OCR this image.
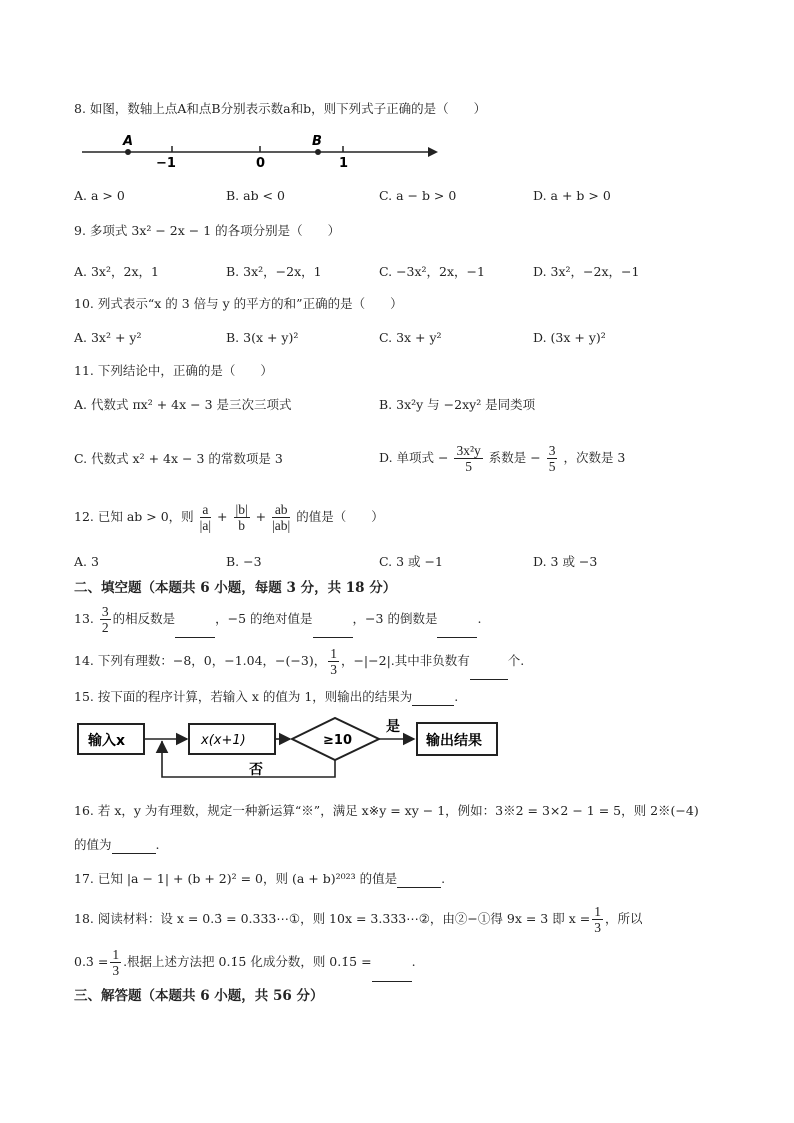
8. 如图，数轴上点A和点B分别表示数a和b，则下列式子正确的是（　　）
A	B
−1	0	1
A. a > 0	B. ab < 0	C. a − b > 0	D. a + b > 0
9. 多项式 3x² − 2x − 1 的各项分别是（　　）
A. 3x²，2x，1	B. 3x²，−2x，1	C. −3x²，2x，−1	D. 3x²，−2x，−1
10. 列式表示“x 的 3 倍与 y 的平方的和”正确的是（　　）
A. 3x² + y²	B. 3(x + y)²	C. 3x + y²	D. (3x + y)²
11. 下列结论中，正确的是（　　）
A. 代数式 πx² + 4x − 3 是三次三项式	B. 3x²y 与 −2xy² 是同类项
C. 代数式 x² + 4x − 3 的常数项是 3	D. 单项式 − $\frac{\text{3x²y}}{5}$ 系数是 − $\frac{3}{5}$ ，次数是 3
12. 已知 ab > 0，则 $\frac{a}{|a|} + \frac{|b|}{b} + \frac{ab}{|ab|}$ 的值是（　　）
A. 3	B. −3	C. 3 或 −1	D. 3 或 −3
二、填空题（本题共 6 小题，每题 3 分，共 18 分）
13. $\frac{3}{2}$ 的相反数是	，−5 的绝对值是	，−3 的倒数是	.
14. 下列有理数：−8，0，−1.04，−(−3)， $\frac{1}{3}$ ，−|−2|.其中非负数有	个.
15. 按下面的程序计算，若输入 x 的值为 1，则输出的结果为	.
输入x	x(x+1)	≥10
是
输出结果
否
16. 若 x，y 为有理数，规定一种新运算“※”，满足 x※y = xy − 1，例如：3※2 = 3×2 − 1 = 5，则 2※(−4)
的值为	.
17. 已知 |a − 1| + (b + 2)² = 0，则 (a + b)²⁰²³ 的值是	.
18. 阅读材料：设 x = 0.3̇ = 0.333⋯①，则 10x = 3.333⋯②，由②−①得 9x = 3 即 $x = \frac{1}{3}$ ，所以
0.3̇ = $\frac{1}{3}$ .根据上述方法把 0.1̇5̇ 化成分数，则 0.1̇5̇ =	.
三、解答题（本题共 6 小题，共 56 分）
